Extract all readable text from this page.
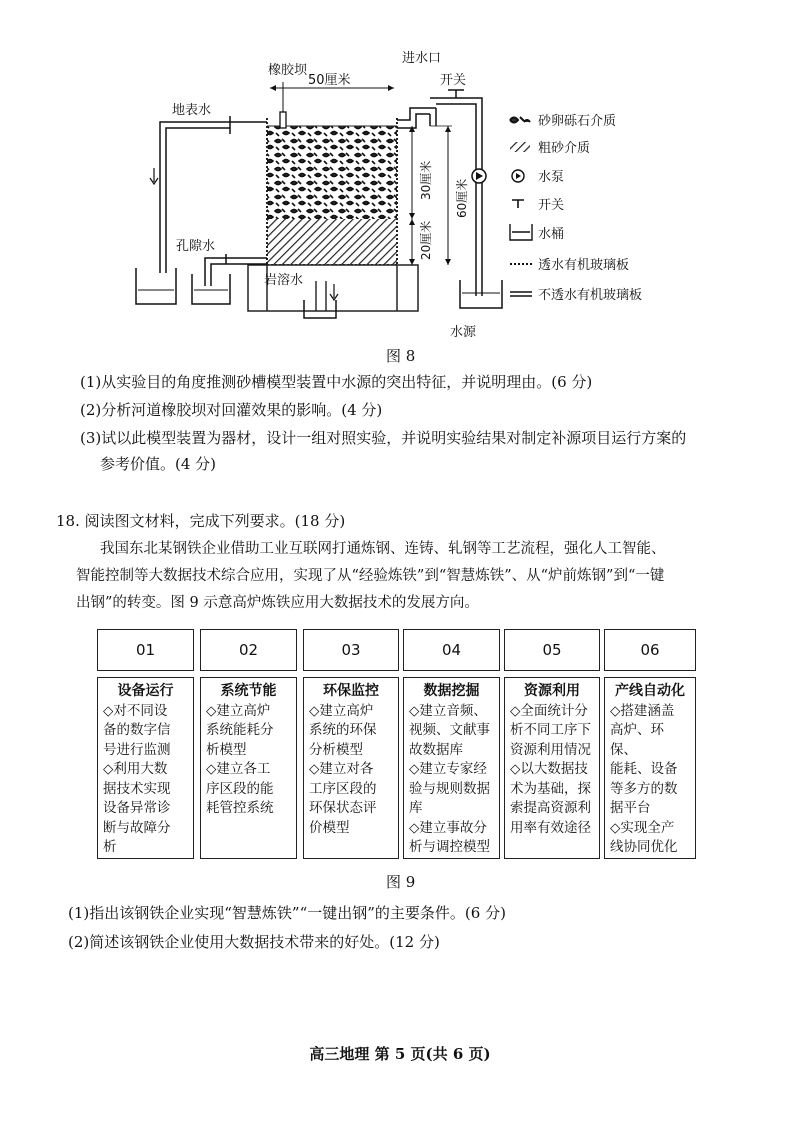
橡胶坝
进水口
50厘米	开关
地表水
孔隙水
岩溶水
30厘米
20厘米
60厘米
水源
砂卵砾石介质
粗砂介质
水泵
开关
水桶
透水有机玻璃板
不透水有机玻璃板
图 8
(1)从实验目的角度推测砂槽模型装置中水源的突出特征，并说明理由。(6 分)
(2)分析河道橡胶坝对回灌效果的影响。(4 分)
(3)试以此模型装置为器材，设计一组对照实验，并说明实验结果对制定补源项目运行方案的
参考价值。(4 分)
18. 阅读图文材料，完成下列要求。(18 分)
我国东北某钢铁企业借助工业互联网打通炼钢、连铸、轧钢等工艺流程，强化人工智能、
智能控制等大数据技术综合应用，实现了从“经验炼铁”到“智慧炼铁”、从“炉前炼钢”到“一键
出钢”的转变。图 9 示意高炉炼铁应用大数据技术的发展方向。
01
设备运行
◇对不同设
备的数字信
号进行监测
◇利用大数
据技术实现
设备异常诊
断与故障分
析
02
系统节能
◇建立高炉
系统能耗分
析模型
◇建立各工
序区段的能
耗管控系统
03
环保监控
◇建立高炉
系统的环保
分析模型
◇建立对各
工序区段的
环保状态评
价模型
04
数据挖掘
◇建立音频、
视频、文献事
故数据库
◇建立专家经
验与规则数据
库
◇建立事故分
析与调控模型
05
资源利用
◇全面统计分
析不同工序下
资源利用情况
◇以大数据技
术为基础，探
索提高资源利
用率有效途径
06
产线自动化
◇搭建涵盖
高炉、环保、
能耗、设备
等多方的数
据平台
◇实现全产
线协同优化
图 9
(1)指出该钢铁企业实现“智慧炼铁”“一键出钢”的主要条件。(6 分)
(2)简述该钢铁企业使用大数据技术带来的好处。(12 分)
高三地理 第 5 页(共 6 页)
